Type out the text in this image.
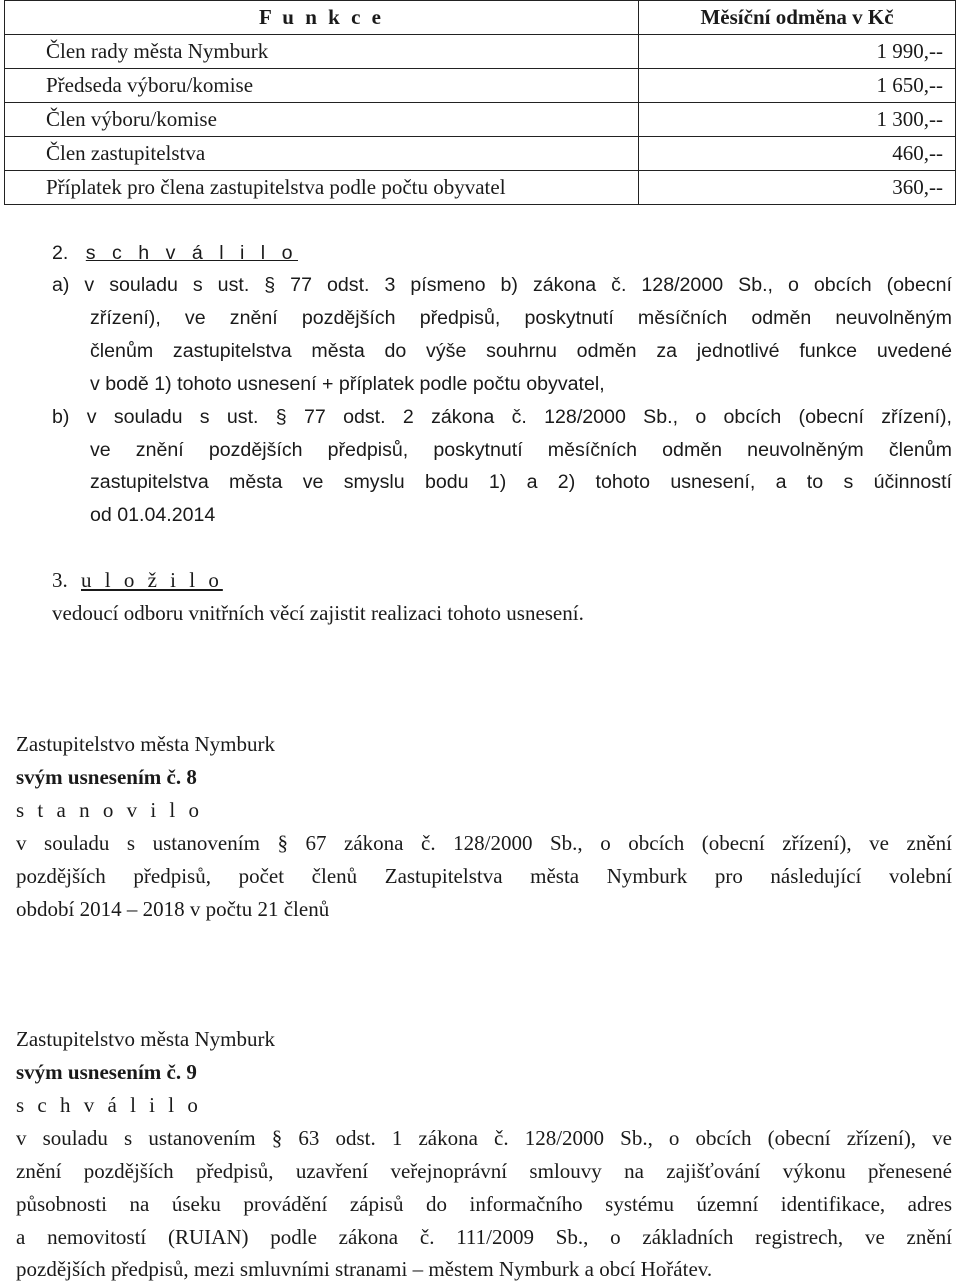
F u n k c e	Měsíční odměna v Kč
Člen rady města Nymburk	1 990,--
Předseda výboru/komise	1 650,--
Člen výboru/komise	1 300,--
Člen zastupitelstva	460,--
Příplatek pro člena zastupitelstva podle počtu obyvatel	360,--
2. s c h v á l i l o
a) v souladu s ust. § 77 odst. 3 písmeno b) zákona č. 128/2000 Sb., o obcích (obecní
zřízení), ve znění pozdějších předpisů, poskytnutí měsíčních odměn neuvolněným
členům zastupitelstva města do výše souhrnu odměn za jednotlivé funkce uvedené
v bodě 1) tohoto usnesení + příplatek podle počtu obyvatel,
b) v souladu s ust. § 77 odst. 2 zákona č. 128/2000 Sb., o obcích (obecní zřízení),
ve znění pozdějších předpisů, poskytnutí měsíčních odměn neuvolněným členům
zastupitelstva města ve smyslu bodu 1) a 2) tohoto usnesení, a to s účinností
od 01.04.2014
3. u l o ž i l o
vedoucí odboru vnitřních věcí zajistit realizaci tohoto usnesení.
Zastupitelstvo města Nymburk
svým usnesením č. 8
s t a n o v i l o
v souladu s ustanovením § 67 zákona č. 128/2000 Sb., o obcích (obecní zřízení), ve znění
pozdějších předpisů, počet členů Zastupitelstva města Nymburk pro následující volební
období 2014 – 2018 v počtu 21 členů
Zastupitelstvo města Nymburk
svým usnesením č. 9
s c h v á l i l o
v souladu s ustanovením § 63 odst. 1 zákona č. 128/2000 Sb., o obcích (obecní zřízení), ve
znění pozdějších předpisů, uzavření veřejnoprávní smlouvy na zajišťování výkonu přenesené
působnosti na úseku provádění zápisů do informačního systému územní identifikace, adres
a nemovitostí (RUIAN) podle zákona č. 111/2009 Sb., o základních registrech, ve znění
pozdějších předpisů, mezi smluvními stranami – městem Nymburk a obcí Hořátev.
